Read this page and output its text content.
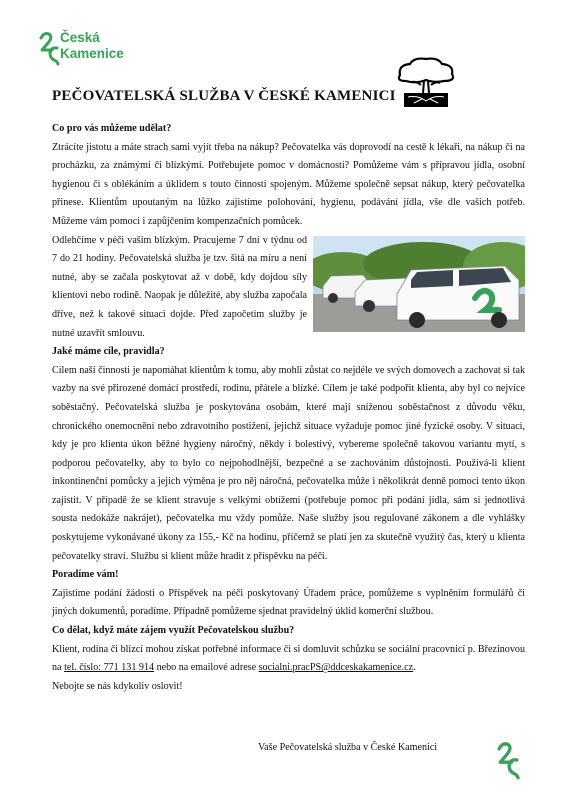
Česká
Kamenice
PEČOVATELSKÁ SLUŽBA V ČESKÉ KAMENICI

Co pro vás můžeme udělat?

Ztrácíte jistotu a máte strach sami vyjít třeba na nákup? Pečovatelka vás doprovodí na cestě k lékaři, na nákup či na procházku, za známými či blízkými. Potřebujete pomoc v domácnosti? Pomůžeme vám s přípravou jídla, osobní hygienou či s oblékáním a úklidem s touto činností spojeným. Můžeme společně sepsat nákup, který pečovatelka přinese. Klientům upoutaným na lůžko zajistíme polohování, hygienu, podávání jídla, vše dle vašich potřeb. Můžeme vám pomoci i zapůjčením kompenzačních pomůcek.

Odlehčíme v péči vašim blízkým. Pracujeme 7 dní v týdnu od 7 do 21 hodiny. Pečovatelská služba je tzv. šitá na míru a není nutné, aby se začala poskytovat až v době, kdy dojdou síly klientovi nebo rodině. Naopak je důležité, aby služba započala dříve, než k takové situaci dojde. Před započetím služby je nutné uzavřít smlouvu.

Jaké máme cíle, pravidla?

Cílem naší činnosti je napomáhat klientům k tomu, aby mohli zůstat co nejdéle ve svých domovech a zachovat si tak vazby na své přirozené domácí prostředí, rodinu, přátele a blízké. Cílem je také podpořit klienta, aby byl co nejvíce soběstačný. Pečovatelská služba je poskytována osobám, které mají sníženou soběstačnost z důvodu věku, chronického onemocnění nebo zdravotního postižení, jejichž situace vyžaduje pomoc jiné fyzické osoby. V situaci, kdy je pro klienta úkon běžné hygieny náročný, někdy i bolestivý, vybereme společně takovou variantu mytí, s podporou pečovatelky, aby to bylo co nejpohodlnější, bezpečné a se zachováním důstojnosti. Používá-li klient inkontinenční pomůcky a jejich výměna je pro něj náročná, pečovatelka může i několikrát denně pomoci tento úkon zajistit. V případě že se klient stravuje s velkými obtížemi (potřebuje pomoc při podání jídla, sám si jednotlivá sousta nedokáže nakrájet), pečovatelka mu vždy pomůže. Naše služby jsou regulované zákonem a dle vyhlášky poskytujeme vykonávané úkony za 155,- Kč na hodinu, přičemž se platí jen za skutečně využitý čas, který u klienta pečovatelky straví. Službu si klient může hradit z příspěvku na péči.

Poradíme vám!

Zajistíme podání žádosti o Příspěvek na péči poskytovaný Úřadem práce, pomůžeme s vyplněním formulářů či jiných dokumentů, poradíme. Případně pomůžeme sjednat pravidelný úklid komerční službou.

Co dělat, když máte zájem využít Pečovatelskou službu?

Klient, rodina či blízcí mohou získat potřebné informace či si domluvit schůzku se sociální pracovnicí p. Březinovou na tel. číslo: 771 131 914 nebo na emailové adrese socialni.pracPS@ddceskakamenice.cz.

Nebojte se nás kdykoliv oslovit!

Vaše Pečovatelská služba v České Kamenici
